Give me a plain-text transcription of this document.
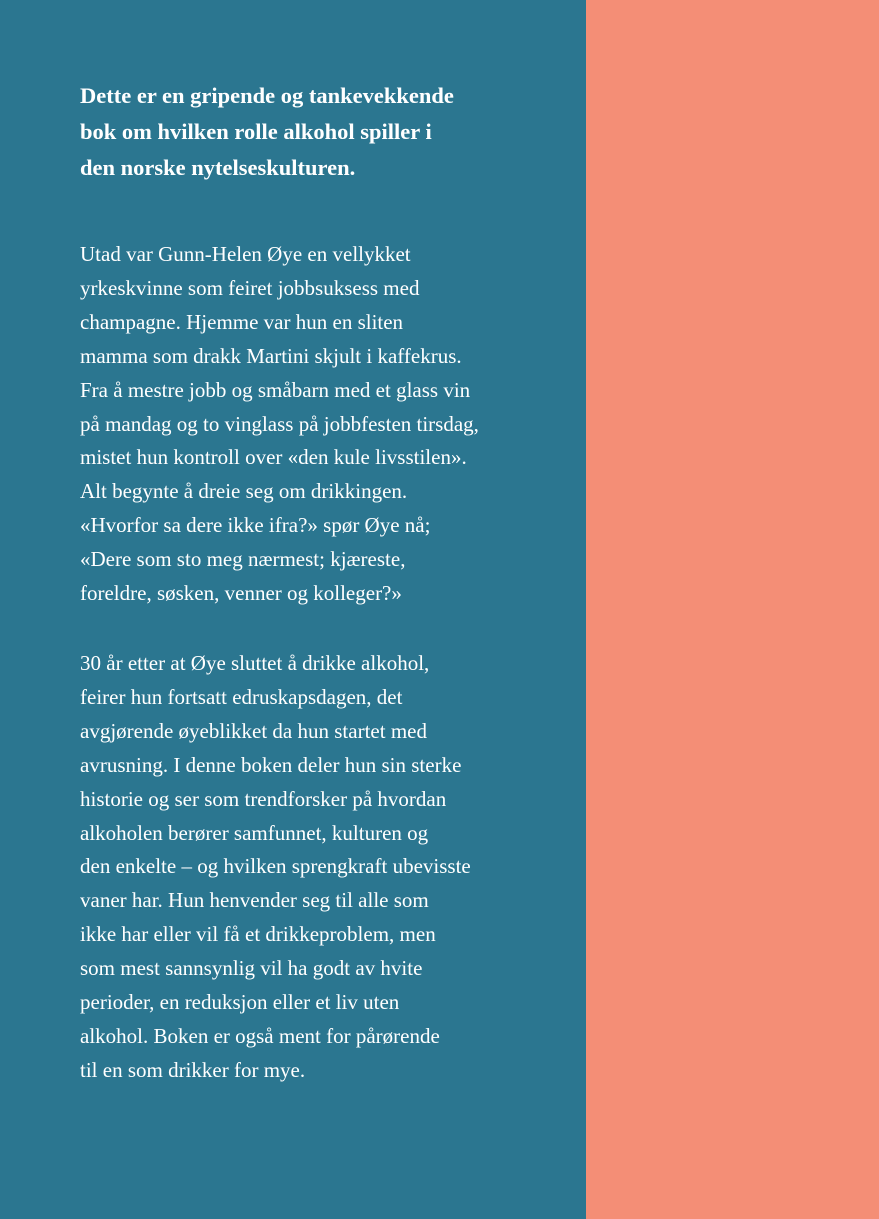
Dette er en gripende og tankevekkende
bok om hvilken rolle alkohol spiller i
den norske nytelseskulturen.

Utad var Gunn-Helen Øye en vellykket
yrkeskvinne som feiret jobbsuksess med
champagne. Hjemme var hun en sliten
mamma som drakk Martini skjult i kaffekrus.
Fra å mestre jobb og småbarn med et glass vin
på mandag og to vinglass på jobbfesten tirsdag,
mistet hun kontroll over «den kule livsstilen».
Alt begynte å dreie seg om drikkingen.
«Hvorfor sa dere ikke ifra?» spør Øye nå;
«Dere som sto meg nærmest; kjæreste,
foreldre, søsken, venner og kolleger?»

30 år etter at Øye sluttet å drikke alkohol,
feirer hun fortsatt edruskapsdagen, det
avgjørende øyeblikket da hun startet med
avrusning. I denne boken deler hun sin sterke
historie og ser som trendforsker på hvordan
alkoholen berører samfunnet, kulturen og
den enkelte – og hvilken sprengkraft ubevisste
vaner har. Hun henvender seg til alle som
ikke har eller vil få et drikkeproblem, men
som mest sannsynlig vil ha godt av hvite
perioder, en reduksjon eller et liv uten
alkohol. Boken er også ment for pårørende
til en som drikker for mye.
